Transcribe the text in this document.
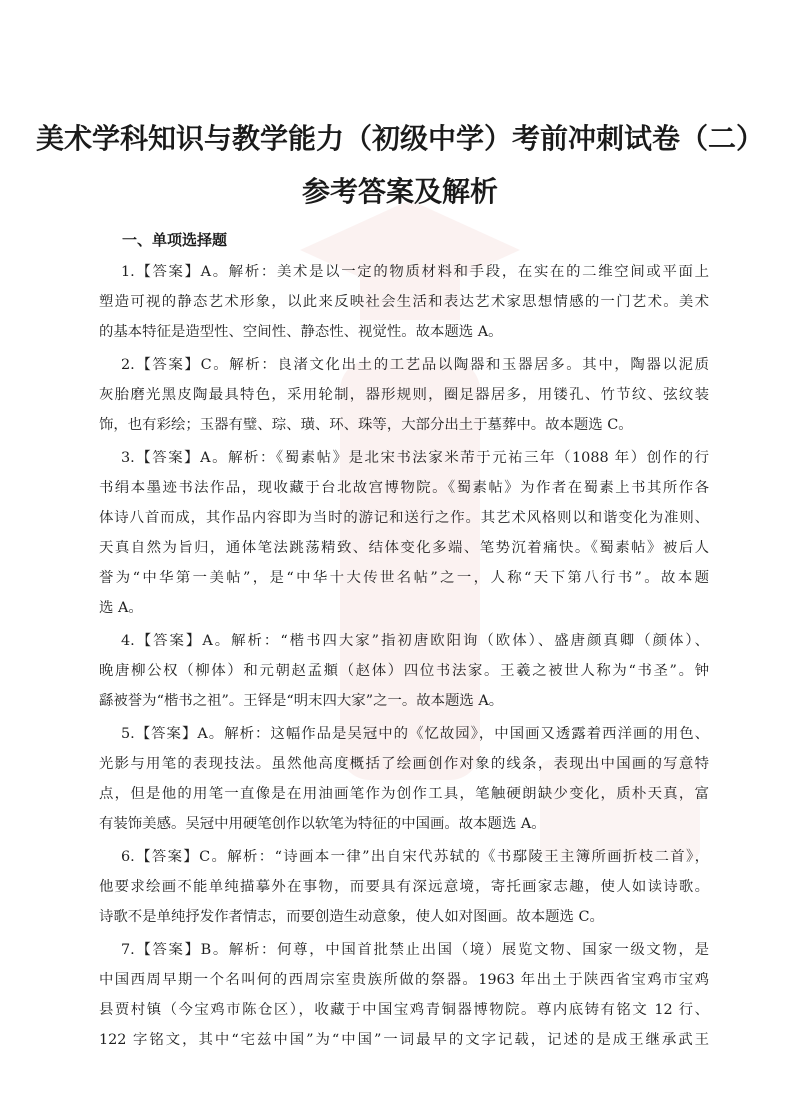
美术学科知识与教学能力（初级中学）考前冲刺试卷（二）
参考答案及解析
一、单项选择题
1.【答案】A。解析：美术是以一定的物质材料和手段，在实在的二维空间或平面上
塑造可视的静态艺术形象，以此来反映社会生活和表达艺术家思想情感的一门艺术。美术
的基本特征是造型性、空间性、静态性、视觉性。故本题选 A。
2.【答案】C。解析：良渚文化出土的工艺品以陶器和玉器居多。其中，陶器以泥质
灰胎磨光黑皮陶最具特色，采用轮制，器形规则，圈足器居多，用镂孔、竹节纹、弦纹装
饰，也有彩绘；玉器有璧、琮、璜、环、珠等，大部分出土于墓葬中。故本题选 C。
3.【答案】A。解析：《蜀素帖》是北宋书法家米芾于元祐三年（1088 年）创作的行
书绢本墨迹书法作品，现收藏于台北故宫博物院。《蜀素帖》为作者在蜀素上书其所作各
体诗八首而成，其作品内容即为当时的游记和送行之作。其艺术风格则以和谐变化为准则、
天真自然为旨归，通体笔法跳荡精致、结体变化多端、笔势沉着痛快。《蜀素帖》被后人
誉为“中华第一美帖”，是“中华十大传世名帖”之一，人称“天下第八行书”。故本题
选 A。
4.【答案】A。解析：“楷书四大家”指初唐欧阳询（欧体）、盛唐颜真卿（颜体）、
晚唐柳公权（柳体）和元朝赵孟頫（赵体）四位书法家。王羲之被世人称为“书圣”。钟
繇被誉为“楷书之祖”。王铎是“明末四大家”之一。故本题选 A。
5.【答案】A。解析：这幅作品是吴冠中的《忆故园》，中国画又透露着西洋画的用色、
光影与用笔的表现技法。虽然他高度概括了绘画创作对象的线条，表现出中国画的写意特
点，但是他的用笔一直像是在用油画笔作为创作工具，笔触硬朗缺少变化，质朴天真，富
有装饰美感。吴冠中用硬笔创作以软笔为特征的中国画。故本题选 A。
6.【答案】C。解析：“诗画本一律”出自宋代苏轼的《书鄢陵王主簿所画折枝二首》，
他要求绘画不能单纯描摹外在事物，而要具有深远意境，寄托画家志趣，使人如读诗歌。
诗歌不是单纯抒发作者情志，而要创造生动意象，使人如对图画。故本题选 C。
7.【答案】B。解析：何尊，中国首批禁止出国（境）展览文物、国家一级文物，是
中国西周早期一个名叫何的西周宗室贵族所做的祭器。1963 年出土于陕西省宝鸡市宝鸡
县贾村镇（今宝鸡市陈仓区），收藏于中国宝鸡青铜器博物院。尊内底铸有铭文 12 行、
122 字铭文，其中“宅兹中国”为“中国”一词最早的文字记载，记述的是成王继承武王
